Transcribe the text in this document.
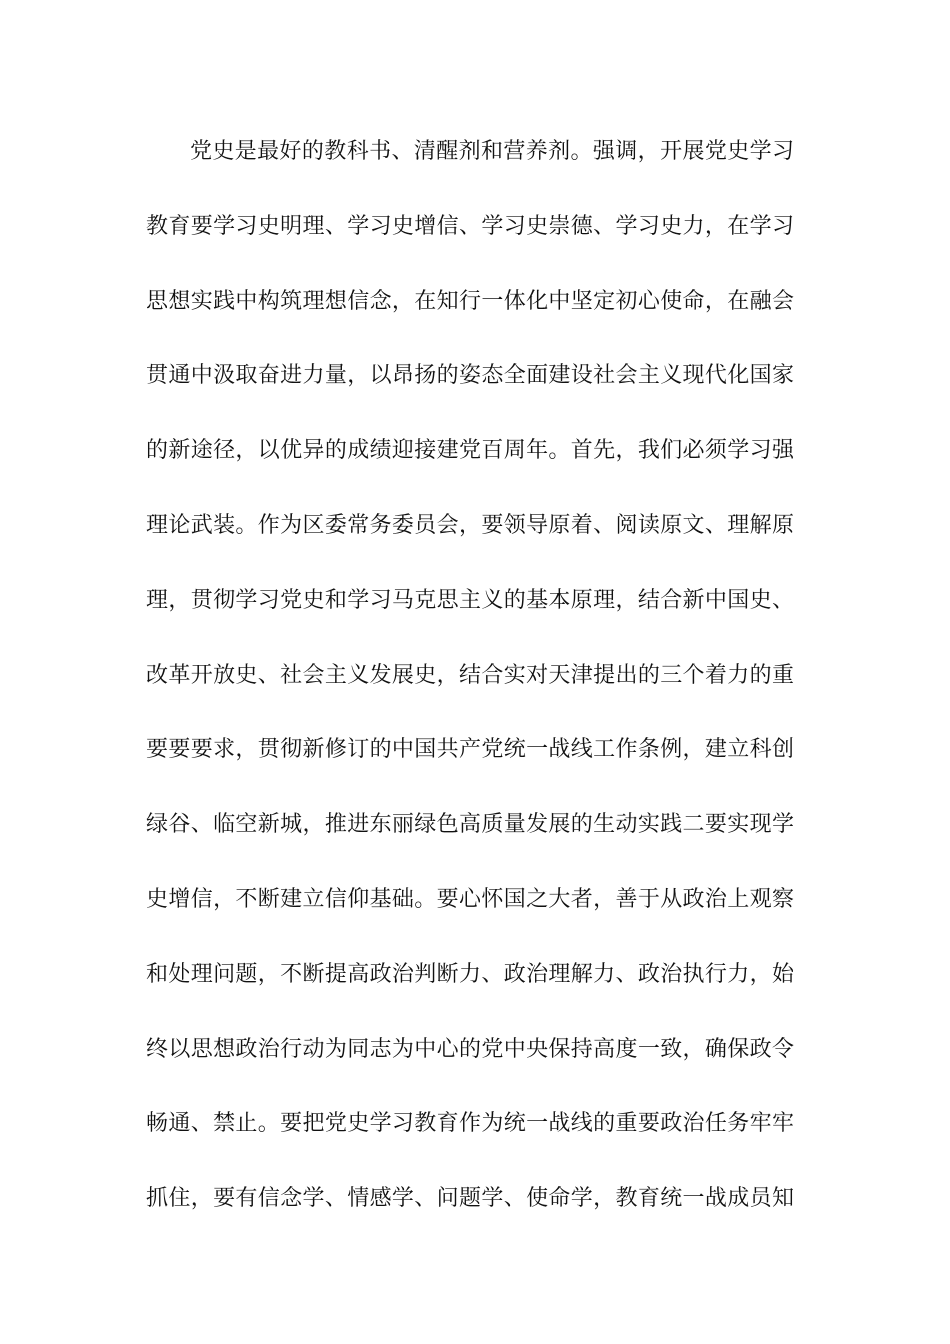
党史是最好的教科书、清醒剂和营养剂。强调，开展党史学习
教育要学习史明理、学习史增信、学习史崇德、学习史力，在学习
思想实践中构筑理想信念，在知行一体化中坚定初心使命，在融会
贯通中汲取奋进力量，以昂扬的姿态全面建设社会主义现代化国家
的新途径，以优异的成绩迎接建党百周年。首先，我们必须学习强
理论武装。作为区委常务委员会，要领导原着、阅读原文、理解原
理，贯彻学习党史和学习马克思主义的基本原理，结合新中国史、
改革开放史、社会主义发展史，结合实对天津提出的三个着力的重
要要要求，贯彻新修订的中国共产党统一战线工作条例，建立科创
绿谷、临空新城，推进东丽绿色高质量发展的生动实践二要实现学
史增信，不断建立信仰基础。要心怀国之大者，善于从政治上观察
和处理问题，不断提高政治判断力、政治理解力、政治执行力，始
终以思想政治行动为同志为中心的党中央保持高度一致，确保政令
畅通、禁止。要把党史学习教育作为统一战线的重要政治任务牢牢
抓住，要有信念学、情感学、问题学、使命学，教育统一战成员知
